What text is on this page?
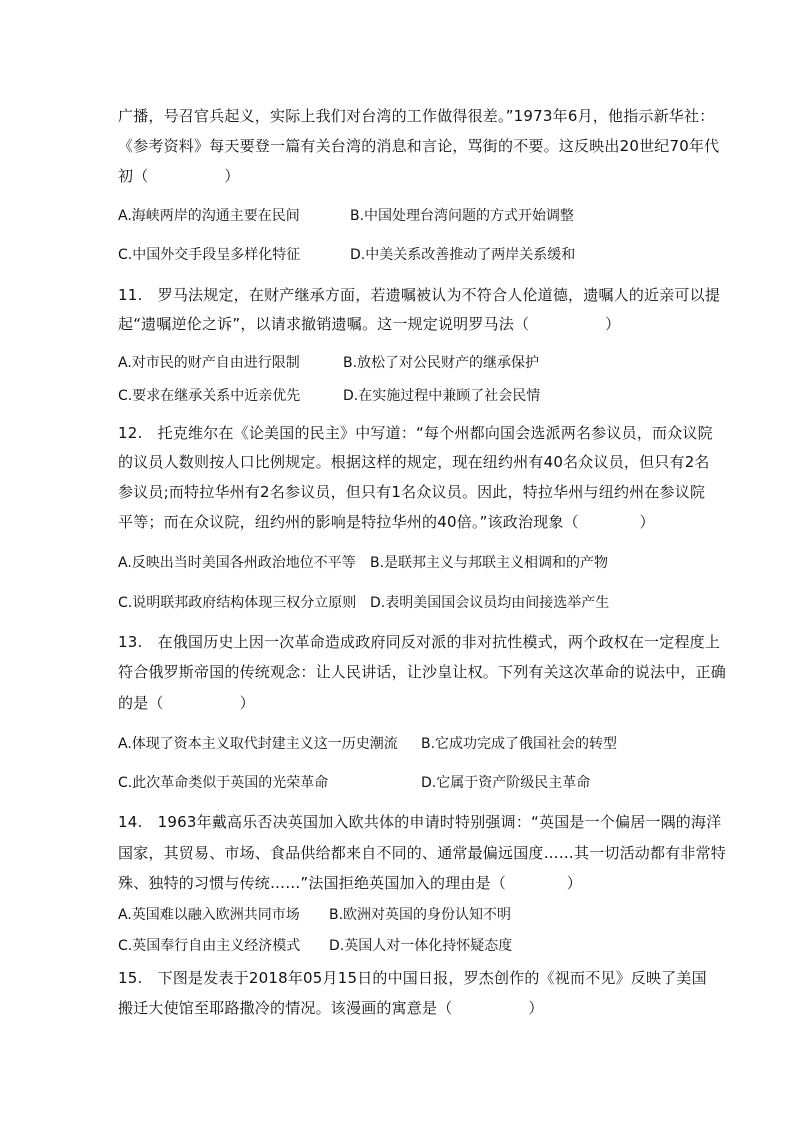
广播，号召官兵起义，实际上我们对台湾的工作做得很差。”1973年6月，他指示新华社：
《参考资料》每天要登一篇有关台湾的消息和言论，骂街的不要。这反映出20世纪70年代
初（　　　　　）
A.海峡两岸的沟通主要在民间	B.中国处理台湾问题的方式开始调整
C.中国外交手段呈多样化特征	D.中美关系改善推动了两岸关系缓和
11.　罗马法规定，在财产继承方面，若遗嘱被认为不符合人伦道德，遗嘱人的近亲可以提
起“遗嘱逆伦之诉”，以请求撤销遗嘱。这一规定说明罗马法（　　　　　）
A.对市民的财产自由进行限制	B.放松了对公民财产的继承保护
C.要求在继承关系中近亲优先	D.在实施过程中兼顾了社会民情
12.　托克维尔在《论美国的民主》中写道：“每个州都向国会选派两名参议员，而众议院
的议员人数则按人口比例规定。根据这样的规定，现在纽约州有40名众议员，但只有2名
参议员;而特拉华州有2名参议员，但只有1名众议员。因此，特拉华州与纽约州在参议院
平等；而在众议院，纽约州的影响是特拉华州的40倍。”该政治现象（　　　　）
A.反映出当时美国各州政治地位不平等 B.是联邦主义与邦联主义相调和的产物
C.说明联邦政府结构体现三权分立原则 D.表明美国国会议员均由间接选举产生
13.　在俄国历史上因一次革命造成政府同反对派的非对抗性模式，两个政权在一定程度上
符合俄罗斯帝国的传统观念：让人民讲话，让沙皇让权。下列有关这次革命的说法中，正确
的是（　　　　　）
A.体现了资本主义取代封建主义这一历史潮流 B.它成功完成了俄国社会的转型
C.此次革命类似于英国的光荣革命	D.它属于资产阶级民主革命
14.　1963年戴高乐否决英国加入欧共体的申请时特别强调：“英国是一个偏居一隅的海洋
国家，其贸易、市场、食品供给都来自不同的、通常最偏远国度……其一切活动都有非常特
殊、独特的习惯与传统……”法国拒绝英国加入的理由是（　　　　）
A.英国难以融入欧洲共同市场 B.欧洲对英国的身份认知不明
C.英国奉行自由主义经济模式 D.英国人对一体化持怀疑态度
15.　下图是发表于2018年05月15日的中国日报，罗杰创作的《视而不见》反映了美国
搬迁大使馆至耶路撒冷的情况。该漫画的寓意是（　　　　　）
